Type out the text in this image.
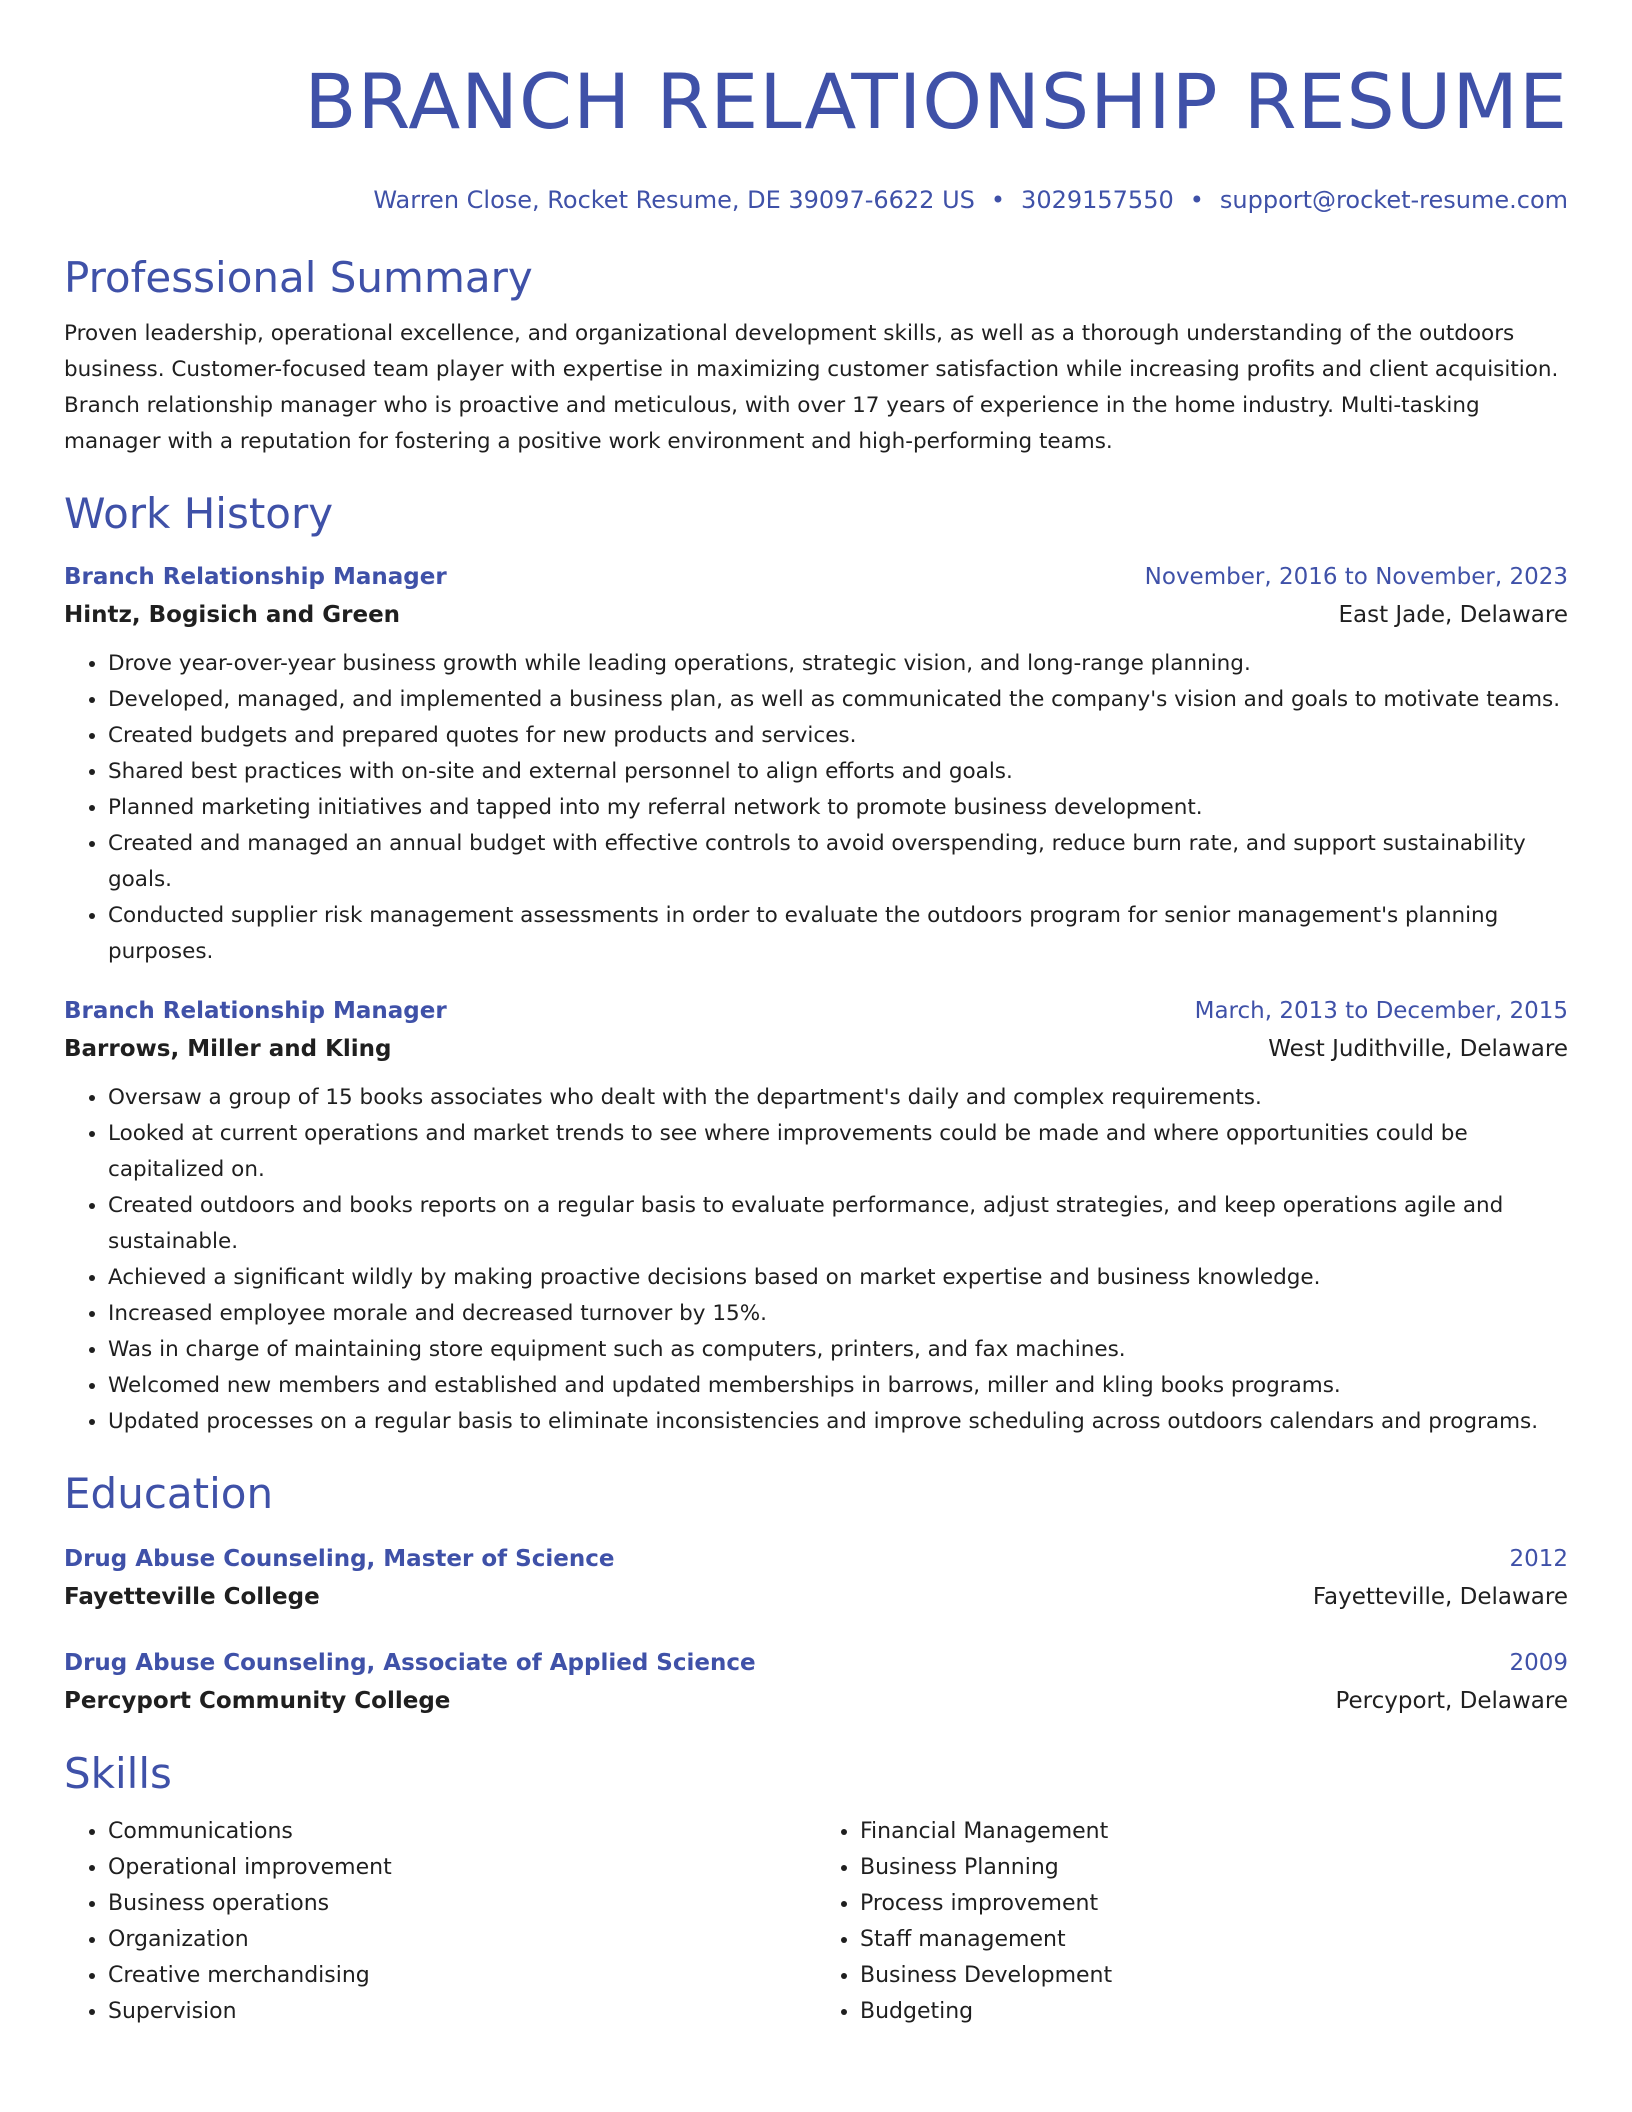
BRANCH RELATIONSHIP RESUME
Warren Close, Rocket Resume, DE 39097-6622 US • 3029157550 • support@rocket-resume.com
Professional Summary
Proven leadership, operational excellence, and organizational development skills, as well as a thorough understanding of the outdoors business. Customer-focused team player with expertise in maximizing customer satisfaction while increasing profits and client acquisition. Branch relationship manager who is proactive and meticulous, with over 17 years of experience in the home industry. Multi-tasking manager with a reputation for fostering a positive work environment and high-performing teams.
Work History
Branch Relationship Manager	November, 2016 to November, 2023
Hintz, Bogisich and Green	East Jade, Delaware
• Drove year-over-year business growth while leading operations, strategic vision, and long-range planning.
• Developed, managed, and implemented a business plan, as well as communicated the company's vision and goals to motivate teams.
• Created budgets and prepared quotes for new products and services.
• Shared best practices with on-site and external personnel to align efforts and goals.
• Planned marketing initiatives and tapped into my referral network to promote business development.
• Created and managed an annual budget with effective controls to avoid overspending, reduce burn rate, and support sustainability goals.
• Conducted supplier risk management assessments in order to evaluate the outdoors program for senior management's planning purposes.
Branch Relationship Manager	March, 2013 to December, 2015
Barrows, Miller and Kling	West Judithville, Delaware
• Oversaw a group of 15 books associates who dealt with the department's daily and complex requirements.
• Looked at current operations and market trends to see where improvements could be made and where opportunities could be capitalized on.
• Created outdoors and books reports on a regular basis to evaluate performance, adjust strategies, and keep operations agile and sustainable.
• Achieved a significant wildly by making proactive decisions based on market expertise and business knowledge.
• Increased employee morale and decreased turnover by 15%.
• Was in charge of maintaining store equipment such as computers, printers, and fax machines.
• Welcomed new members and established and updated memberships in barrows, miller and kling books programs.
• Updated processes on a regular basis to eliminate inconsistencies and improve scheduling across outdoors calendars and programs.
Education
Drug Abuse Counseling, Master of Science	2012
Fayetteville College	Fayetteville, Delaware
Drug Abuse Counseling, Associate of Applied Science	2009
Percyport Community College	Percyport, Delaware
Skills
• Communications
• Operational improvement
• Business operations
• Organization
• Creative merchandising
• Supervision
• Financial Management
• Business Planning
• Process improvement
• Staff management
• Business Development
• Budgeting
